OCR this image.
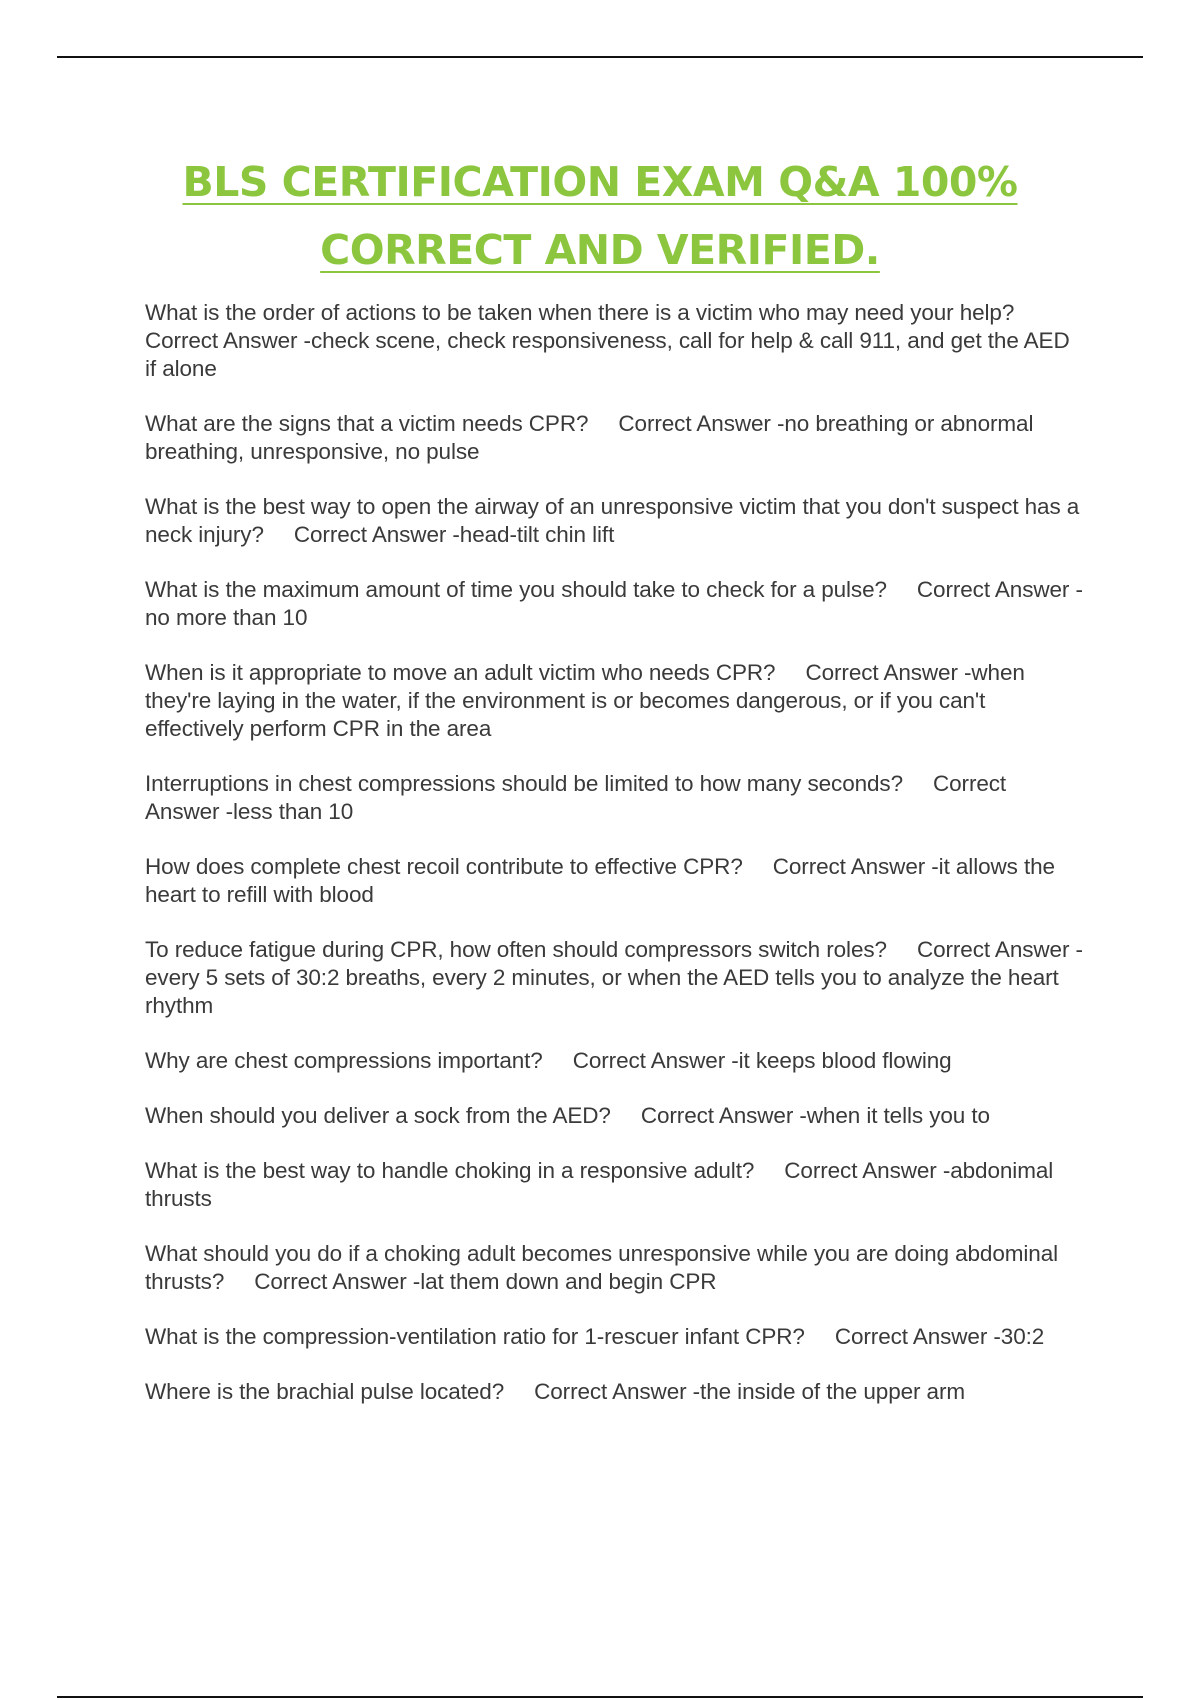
BLS CERTIFICATION EXAM Q&A 100%
CORRECT AND VERIFIED.

What is the order of actions to be taken when there is a victim who may need your help?Correct Answer -check scene, check responsiveness, call for help & call 911, and get the AED if alone

What are the signs that a victim needs CPR? Correct Answer -no breathing or abnormal breathing, unresponsive, no pulse

What is the best way to open the airway of an unresponsive victim that you don't suspect has a neck injury? Correct Answer -head-tilt chin lift

What is the maximum amount of time you should take to check for a pulse? Correct Answer -no more than 10

When is it appropriate to move an adult victim who needs CPR? Correct Answer -when they're laying in the water, if the environment is or becomes dangerous, or if you can't effectively perform CPR in the area

Interruptions in chest compressions should be limited to how many seconds? Correct Answer -less than 10

How does complete chest recoil contribute to effective CPR? Correct Answer -it allows the heart to refill with blood

To reduce fatigue during CPR, how often should compressors switch roles? Correct Answer -every 5 sets of 30:2 breaths, every 2 minutes, or when the AED tells you to analyze the heart rhythm

Why are chest compressions important? Correct Answer -it keeps blood flowing

When should you deliver a sock from the AED? Correct Answer -when it tells you to

What is the best way to handle choking in a responsive adult? Correct Answer -abdonimal thrusts

What should you do if a choking adult becomes unresponsive while you are doing abdominal thrusts? Correct Answer -lat them down and begin CPR

What is the compression-ventilation ratio for 1-rescuer infant CPR? Correct Answer -30:2

Where is the brachial pulse located? Correct Answer -the inside of the upper arm
